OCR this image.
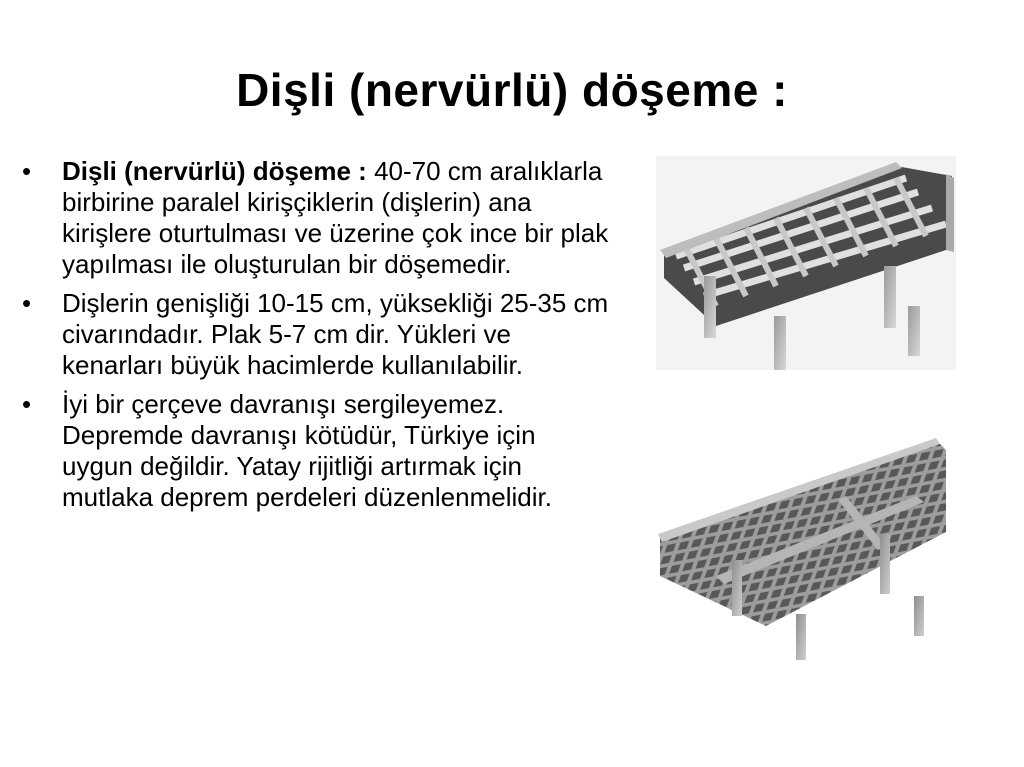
Dişli (nervürlü) döşeme :
• Dişli (nervürlü) döşeme : 40-70 cm aralıklarla birbirine paralel kirişçiklerin (dişlerin) ana kirişlere oturtulması ve üzerine çok ince bir plak yapılması ile oluşturulan bir döşemedir.
• Dişlerin genişliği 10-15 cm, yüksekliği 25-35 cm civarındadır. Plak 5-7 cm dir. Yükleri ve kenarları büyük hacimlerde kullanılabilir.
• İyi bir çerçeve davranışı sergileyemez. Depremde davranışı kötüdür, Türkiye için uygun değildir. Yatay rijitliği artırmak için mutlaka deprem perdeleri düzenlenmelidir.
